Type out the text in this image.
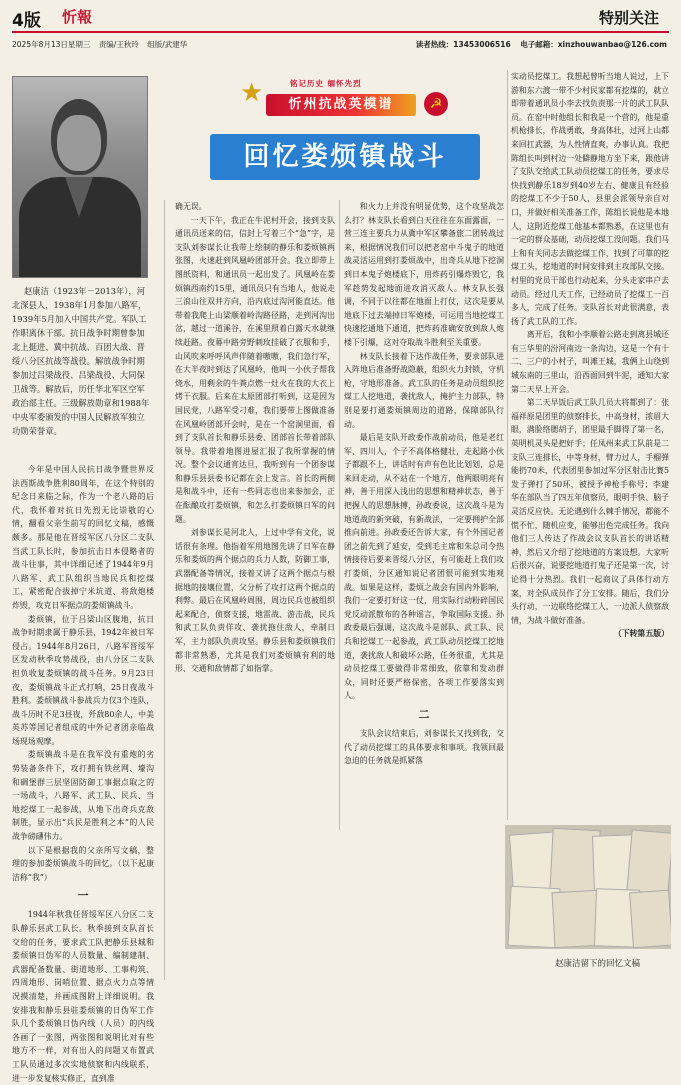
4版 忻報	特别关注
2025年8月13日星期三 责编/王秋玲 组版/武建华	读者热线：13453006516 电子邮箱：xinzhouwanbao@126.com
赵康洁（1923年－2013年），河北深县人，1938年1月参加八路军，1939年5月加入中国共产党。军队工作职离休干部。抗日战争时期曾参加北上挺进、冀中抗战、百团大战、晋绥八分区抗战等战役。解放战争时期参加过吕梁战役、吕梁战役、大同保卫战等。解放后，历任华北军区空军政治部主任。三级解放勋章和1988年中央军委颁发的中国人民解放军独立功勋荣誉章。
★	铭记历史 缅怀先烈
忻州抗战英模谱	☭
回忆娄烦镇战斗

今年是中国人民抗日战争暨世界反法西斯战争胜利80周年，在这个特别的纪念日来临之际，作为一个老八路的后代，我怀着对抗日先烈无比崇敬的心情，翻看父亲生前写的回忆文稿，感慨颇多。那是他在晋绥军区八分区二支队当武工队长时，参加抗击日本侵略者的战斗往事，其中详细记述了1944年9月八路军、武工队组织当地民兵和挖煤工，紧密配合拔掉宁米坑道、将敌炮楼炸毁，攻克日军据点的娄烦镇战斗。

娄烦镇，位于吕梁山区腹地，抗日战争时期隶属于静乐县，1942年被日军侵占。1944年8月26日，八路军晋绥军区发动秋季攻势战役，由八分区二支队担负收复娄烦镇的战斗任务。9月23日夜，娄烦镇战斗正式打响，25日夜战斗胜利。娄烦镇战斗参战兵力仅3个连队，战斗历时不足3昼夜，歼敌80余人，中美英苏等国记者组成的中外记者团亲临战场现场观摩。

娄烦镇战斗是在我军没有重炮的劣势装备条件下，攻打拥有铁丝网、壕沟和碉堡群三层坚固防御工事据点取之的一场战斗，八路军、武工队、民兵、当地挖煤工一起参战，从地下出奇兵克敌制胜，显示出“兵民是胜利之本”的人民战争磅礴伟力。

以下是根据我的父亲所写文稿，整理的参加娄烦镇战斗的回忆。（以下起康洁称“我”）

一

1944年秋我任晋绥军区八分区二支队静乐县武工队长。秋季接到支队首长交给的任务，要求武工队把静乐县城和娄烦镇日伪军的人员数量、编制建制、武器配备数量、街道地形、工事构筑、四周地形、岗哨位置、据点火力点等情况摸清楚，并画成图附上详细说明。我安排我和静乐县驻娄烦镇的日伪军工作队几个娄烦镇日伪内线（人员）的内线各画了一张图，两张图和说明比对有些地方不一样，对有出入的问题又布置武工队员通过多次实地侦察和内线联系，进一步发复核实修正，直到准

确无误。

一天下午，我正在牛泥村开会，接到支队通讯员送来的信，信封上写着三个“急”字，是支队刘参谋长让我带上绘制的静乐和娄烦镇两张图，火速赶到风凰岭团部开会。我立即带上图纸资料，和通讯员一起出发了。风凰岭在娄烦镇西南约15里，通讯员只有当地人，他说走三浪山往双井方向，沿内底过沟河能直达。他带着我爬上山梁顺着岭沟路径路，走到河沟出岔，越过一道溪谷，在溪里照着白露天水就继续赶路。夜幕中路旁野刺玫挂破了衣服和手，山风吹来呼呼风声伴随着嗷嗷，我们急行军，在大半夜时到达了风凰岭，他叫一小伙子帮我烧水，用剩余的牛粪点燃一灶火在我的大衣上烤干衣服。后来在太原团部打听到，这是因为国民党，八路军受刁难，我们要带上图做准备在风凰岭团部开会时，是在一个窑洞里面，看到了支队首长和静乐县委、团部首长带着部队领导。我带着地图进屋汇报了我所掌握的情况。整个会议通宵达旦，我听到有一个团参谋和静乐县县委书记都在会上发言。首长的两侧是和战斗中，还有一些同志也出来参加会，正在酝酿攻打娄烦镇，和怎么打娄烦镇日军的问题。

刘参谋长是河北人，上过中学有文化，说话很有条理。他指着军用地图先讲了日军在静乐和娄烦的两个据点的兵力人数，防御工事，武器配备等情况，接着又讲了这两个据点与根据地的接壤位置，父分析了攻打这两个据点的利弊。最后在风凰岭周围，周边民兵也被组织起来配合，侦察支援，地雷战、游击战，民兵和武工队负责佯攻、袭扰拖住敌人，牵制日军，主力部队负责攻坚。静乐县和娄烦镇我们都非常熟悉，尤其是我们对娄烦镇有利的地形、交通和敌情都了如指掌。

和火力上并没有明显优势，这个攻坚战怎么打？林支队长看到白天往往在东面露面，一营三连主要兵力从冀中军区攀备旅二团转战过来，根据情况我们可以把老窑中斗鬼子的地道战灵活运用到打娄烦战中，出奇兵从地下挖洞到日本鬼子炮楼底下，用炸药引爆炸毁它，我军趁势发起地面进攻消灭敌人。林支队长强调，不同于以往都在地面上打仗，这次是要从地底下过去端掉日军炮楼，可运用当地挖煤工快速挖通地下通道，把炸药准确安放到敌人炮楼下引爆，这对夺取战斗胜利至关重要。

林支队长接着下达作战任务，要求部队进入阵地后准备野战隐蔽，组织火力封锁，守机枪，守地形准备。武工队的任务是动员组织挖煤工人挖地道，袭扰敌人，掩护主力部队，特别是要打通娄烦镇周边的道路，保障部队行动。

最后是支队开政委作战前动员，他是老红军、四川人，个子不高体格健壮，走起路小伙子都跟不上，讲话时有声有色比比划划，总是来回走动，从不站在一个地方，他两眼明亮有神，善于用深入浅出的思想和精神状态，善于把握人的思想脉搏，孙政委说，这次战斗是为地道战的新突破，有新战法，一定要拥护全部推向前进。孙政委还告诉大家，有个外国记者团之前先到了延安，受到毛主席和朱总司令热情接待后要来晋绥八分区，有可能赶上我们攻打娄烦，分区通知说记者团很可能到实地观战。如果是这样，娄烦之战会有国内外影响，我们一定要打好这一仗，用实际行动粉碎国民党反动派散布的各种谣言，争取国际支援。孙政委最后强调，这次战斗是部队、武工队、民兵和挖煤工一起参战，武工队动员挖煤工挖地道，袭扰敌人和破坏公路，任务很重，尤其是动员挖煤工要做得非常细致，依靠和发动群众，同时还要严格保密，各项工作要落实到人。

二

支队会议结束后，刘参谋长又找到我，交代了动员挖煤工的具体要求和事项。我领回最急迫的任务就是抓紧落

实动员挖煤工。我想起曾听当地人说过，上下游和东六渡一带不少村民家都有挖煤的，就立即带着通讯员小李去找负责那一片的武工队队员。在窑中时他组长和我是一个营的，他是重机枪排长，作战勇敢，身高体壮，过河上山都来回扛武器，为人性情直爽，办事认真。我把陈组长叫到村边一处僻静地方坐下来，跟他讲了支队交给武工队动员挖煤工的任务，要求尽快找到静乐18岁到40岁左右、健康且有经验的挖煤工不少于50人，县里会派领导亲自对口，并做好相关准备工作，陈组长说他是本地人，这附近挖煤工他基本都熟悉，在这里也有一定的群众基础，动员挖煤工没问题。我们马上和有关同志去做挖煤工作，找到了可靠的挖煤工头，挖地道的时间安排到主攻部队交接。村里的党员干部也行动起来，分头走家串户去动员。经过几天工作，已经动员了挖煤工一百多人，完成了任务。支队首长对此很满意，表扬了武工队的工作。

离开后，我和小李顺着公路走到离县城还有三华里的汾河南边一条沟边，这是一个有十二、三户的小村子，叫滩王城，我俩上山绕到城东南的三里山，沿西面回到牛泥，通知大家第二天早上开会。

第二天早饭后武工队几员大将都到了：张福祥原是团里的侦察排长，中高身材，浓眉大眼，满脸络腮胡子，团里最手脚得了第一名，英明机灵头是把好手；任凤州来武工队前是二支队三连排长，中等身材，臂力过人，手榴弹能扔70米，代表团里参加过军分区射击比赛5发子弹打了50环，被授予神枪手称号；李建华在部队当了四五年侦察员，眼明手快、脑子灵活反应快。无论遇到什么棘手情况，都能不慌不忙，随机应变，能够出色完成任务。我向他们三人传达了作战会议支队首长的讲话精神，然后又介绍了挖地道的方案设想。大家听后很兴奋，说要挖地道打鬼子还是第一次，讨论得十分热烈。我们一起商议了具体行动方案，对全队成员作了分工安排。随后，我们分头行动，一边联络挖煤工人，一边派人侦察敌情，为战斗做好准备。

（下转第五版）

赵康洁留下的回忆文稿
